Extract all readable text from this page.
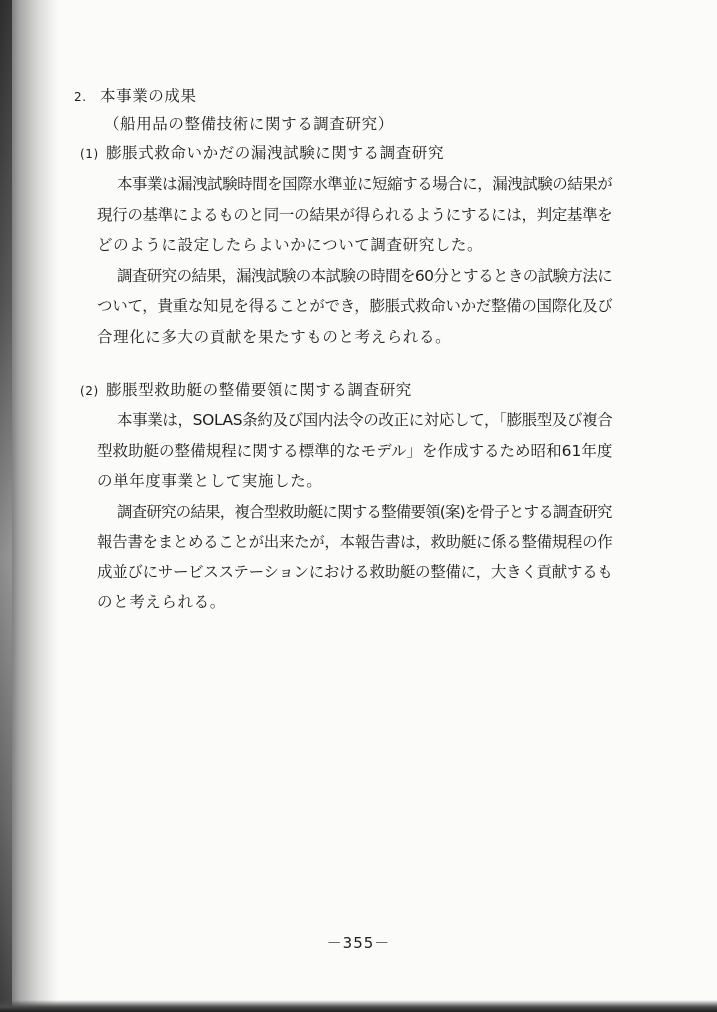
2. 本事業の成果
（船用品の整備技術に関する調査研究）
(1) 膨脹式救命いかだの漏洩試験に関する調査研究
本事業は漏洩試験時間を国際水準並に短縮する場合に，漏洩試験の結果が
現行の基準によるものと同一の結果が得られるようにするには，判定基準を
どのように設定したらよいかについて調査研究した。
調査研究の結果，漏洩試験の本試験の時間を60分とするときの試験方法に
ついて，貴重な知見を得ることができ，膨脹式救命いかだ整備の国際化及び
合理化に多大の貢献を果たすものと考えられる。
(2) 膨脹型救助艇の整備要領に関する調査研究
本事業は，SOLAS条約及び国内法令の改正に対応して，「膨脹型及び複合
型救助艇の整備規程に関する標準的なモデル」を作成するため昭和61年度
の単年度事業として実施した。
調査研究の結果，複合型救助艇に関する整備要領(案)を骨子とする調査研究
報告書をまとめることが出来たが，本報告書は，救助艇に係る整備規程の作
成並びにサービスステーションにおける救助艇の整備に，大きく貢献するも
のと考えられる。
－355－
